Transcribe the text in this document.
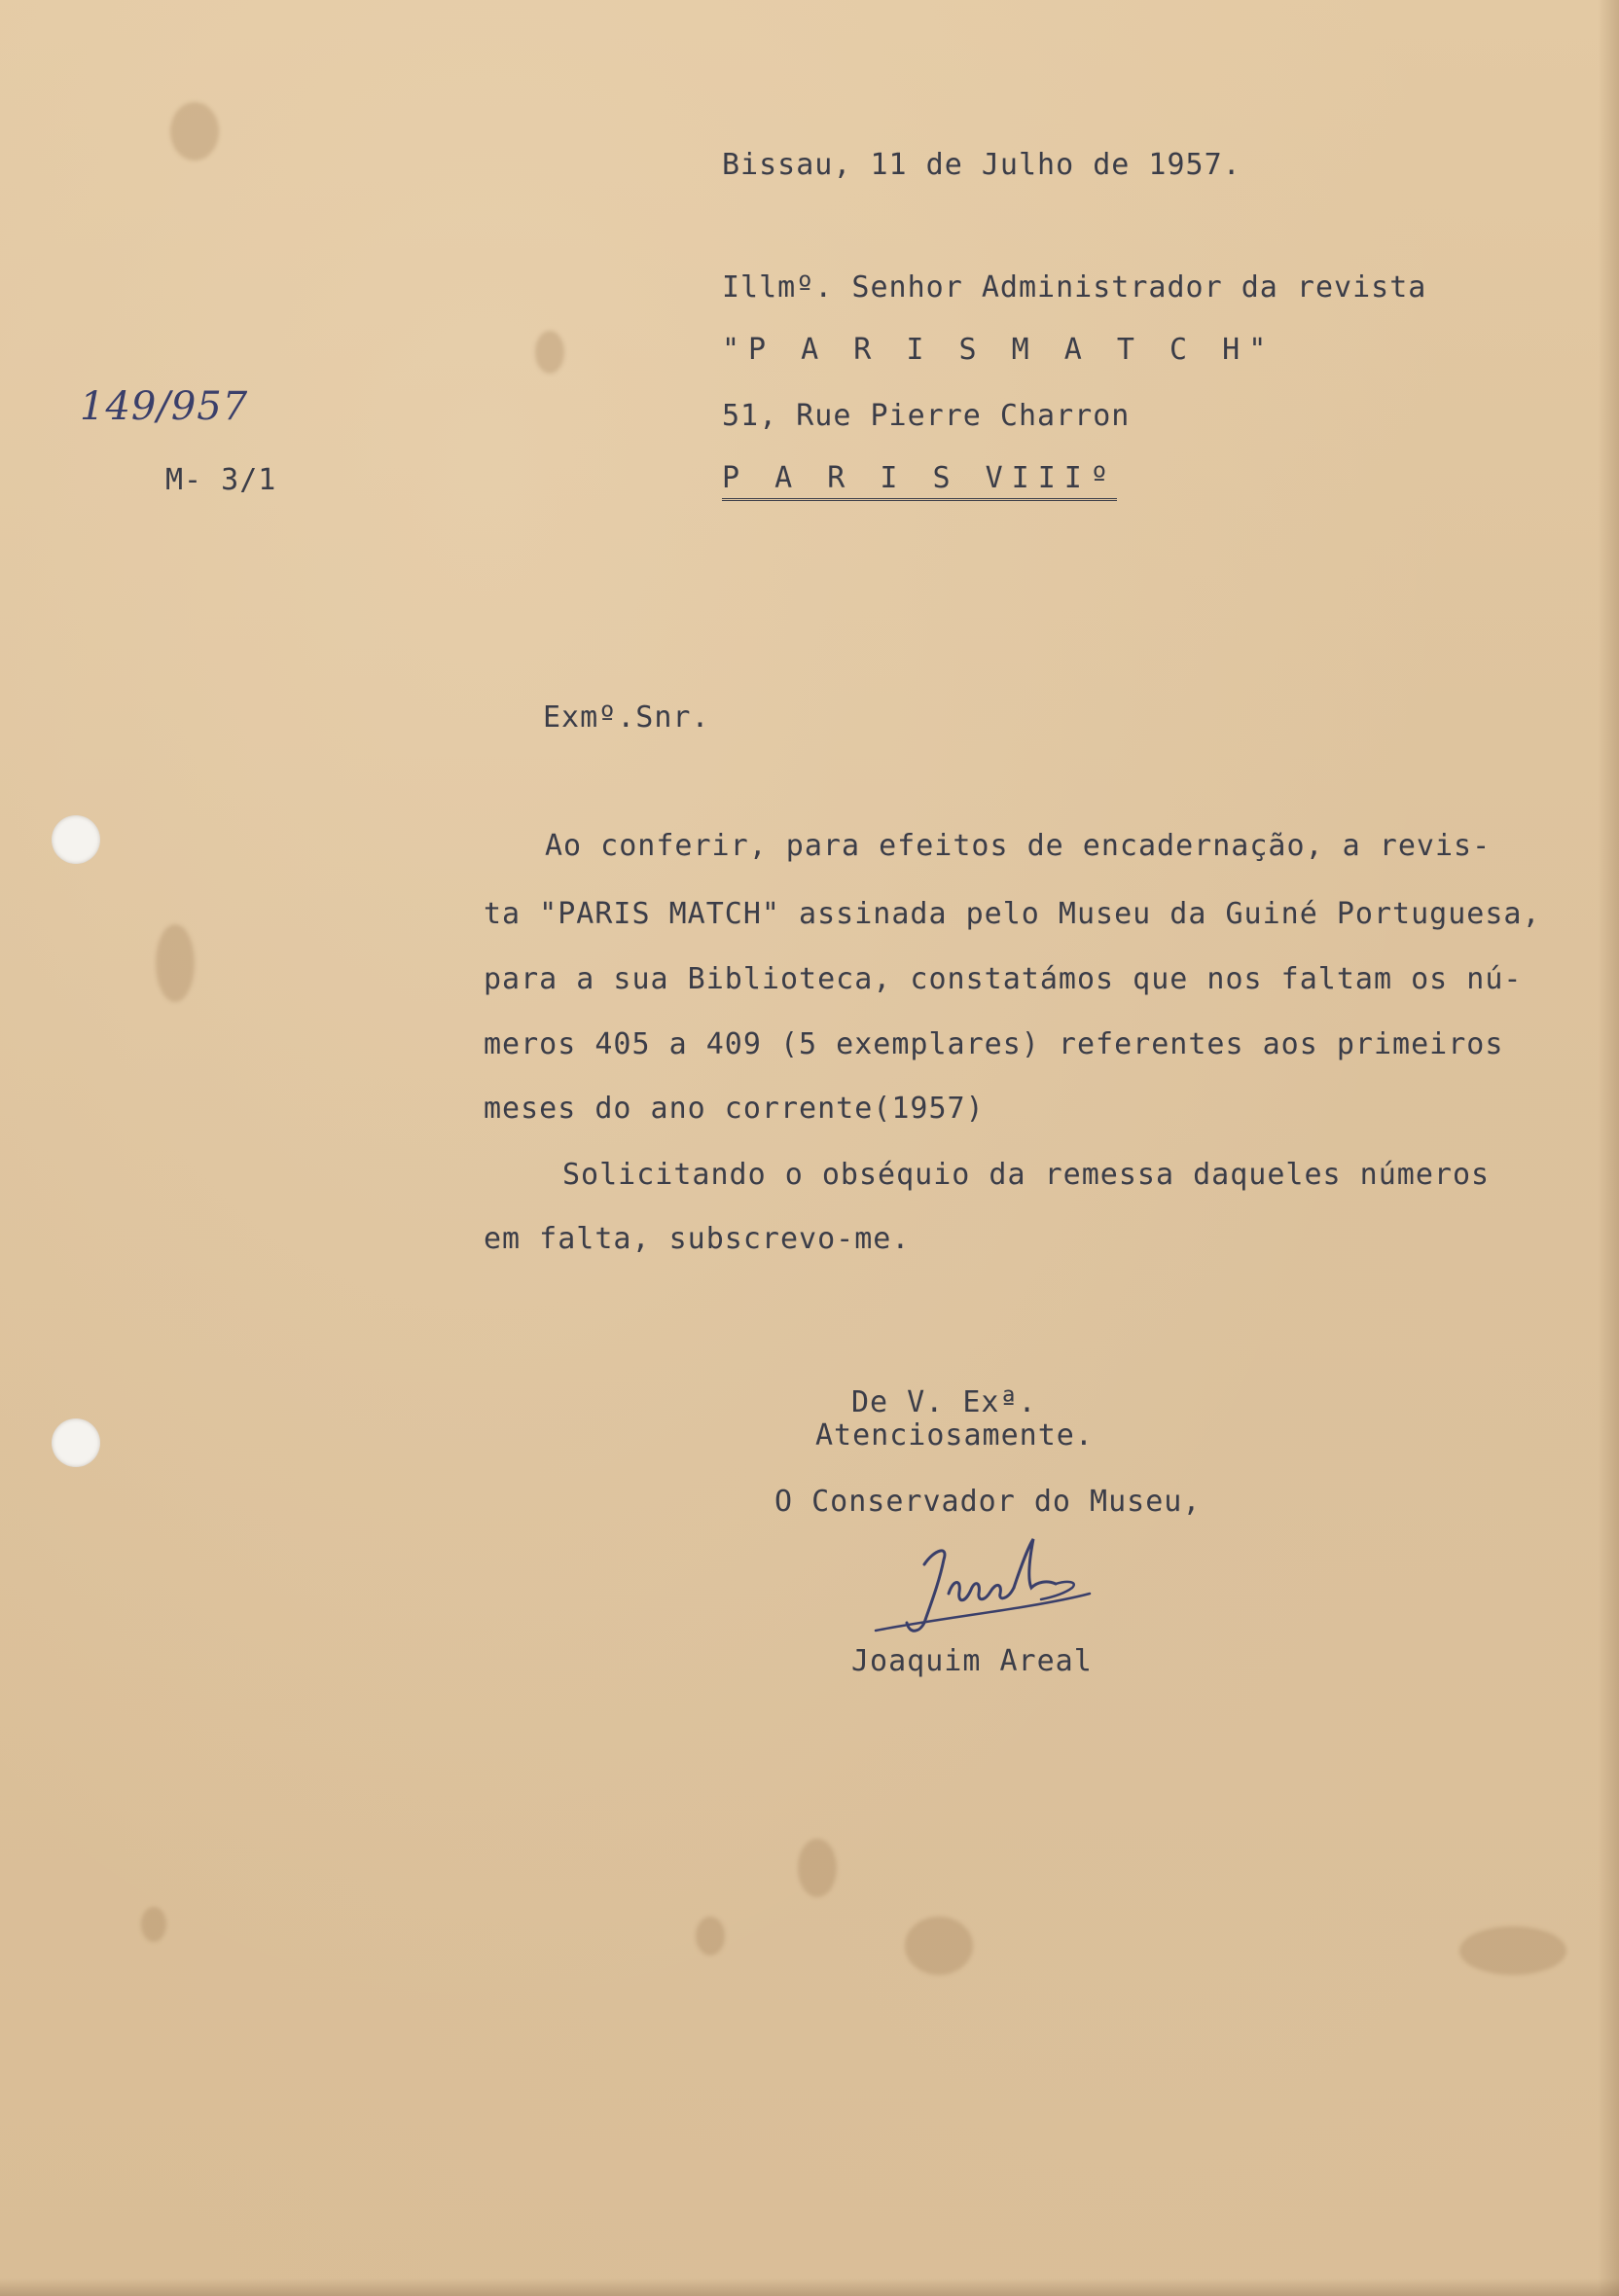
Bissau, 11 de Julho de 1957.

Illmº. Senhor Administrador da revista

"P A R I S M A T C H"

51, Rue Pierre Charron

P A R I S VIIIº

149/957

M- 3/1

Exmº.Snr.

Ao conferir, para efeitos de encadernação, a revis-

ta "PARIS MATCH" assinada pelo Museu da Guiné Portuguesa,

para a sua Biblioteca, constatámos que nos faltam os nú-

meros 405 a 409 (5 exemplares) referentes aos primeiros

meses do ano corrente(1957)

Solicitando o obséquio da remessa daqueles números

em falta, subscrevo-me.

De V. Exª.

Atenciosamente.

O Conservador do Museu,

Joaquim Areal
